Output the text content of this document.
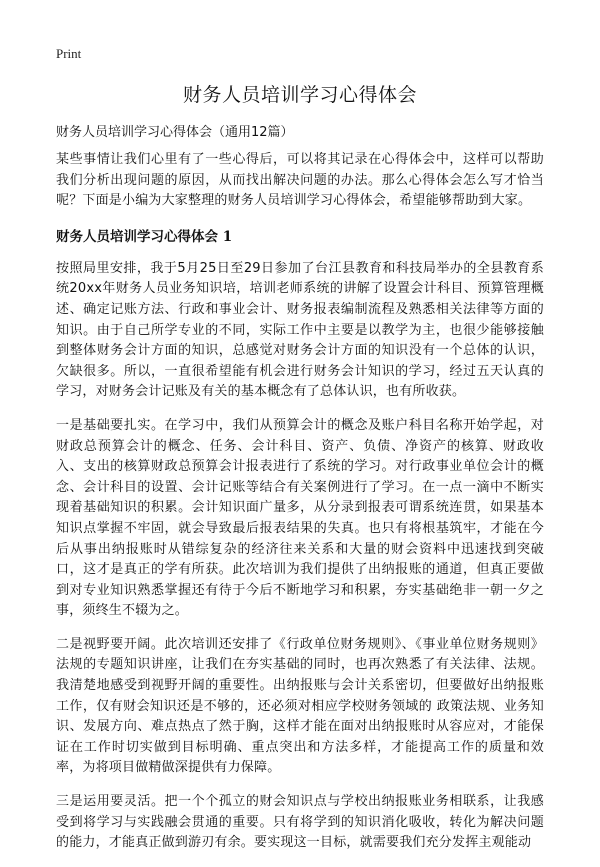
Print
财务人员培训学习心得体会

财务人员培训学习心得体会（通用12篇）

某些事情让我们心里有了一些心得后，可以将其记录在心得体会中，这样可以帮助我们分析出现问题的原因，从而找出解决问题的办法。那么心得体会怎么写才恰当呢？下面是小编为大家整理的财务人员培训学习心得体会，希望能够帮助到大家。

财务人员培训学习心得体会 1

按照局里安排，我于5月25日至29日参加了台江县教育和科技局举办的全县教育系统20xx年财务人员业务知识培，培训老师系统的讲解了设置会计科目、预算管理概述、确定记账方法、行政和事业会计、财务报表编制流程及熟悉相关法律等方面的知识。由于自己所学专业的不同，实际工作中主要是以教学为主，也很少能够接触到整体财务会计方面的知识，总感觉对财务会计方面的知识没有一个总体的认识，欠缺很多。所以，一直很希望能有机会进行财务会计知识的学习，经过五天认真的学习，对财务会计记账及有关的基本概念有了总体认识，也有所收获。

一是基础要扎实。在学习中，我们从预算会计的概念及账户科目名称开始学起，对财政总预算会计的概念、任务、会计科目、资产、负债、净资产的核算、财政收入、支出的核算财政总预算会计报表进行了系统的学习。对行政事业单位会计的概念、会计科目的设置、会计记账等结合有关案例进行了学习。在一点一滴中不断实现着基础知识的积累。会计知识面广量多，从分录到报表可谓系统连贯，如果基本知识点掌握不牢固，就会导致最后报表结果的失真。也只有将根基筑牢，才能在今后从事出纳报账时从错综复杂的经济往来关系和大量的财会资料中迅速找到突破口，这才是真正的学有所获。此次培训为我们提供了出纳报账的通道，但真正要做到对专业知识熟悉掌握还有待于今后不断地学习和积累，夯实基础绝非一朝一夕之事，须终生不辍为之。

二是视野要开阔。此次培训还安排了《行政单位财务规则》、《事业单位财务规则》法规的专题知识讲座，让我们在夯实基础的同时，也再次熟悉了有关法律、法规。我清楚地感受到视野开阔的重要性。出纳报账与会计关系密切，但要做好出纳报账工作，仅有财会知识还是不够的，还必须对相应学校财务领域的 政策法规、业务知识、发展方向、难点热点了然于胸，这样才能在面对出纳报账时从容应对，才能保证在工作时切实做到目标明确、重点突出和方法多样，才能提高工作的质量和效率，为将项目做精做深提供有力保障。

三是运用要灵活。把一个个孤立的财会知识点与学校出纳报账业务相联系，让我感受到将学习与实践融会贯通的重要。只有将学到的知识消化吸收，转化为解决问题的能力，才能真正做到游刃有余。要实现这一目标，就需要我们充分发挥主观能动
